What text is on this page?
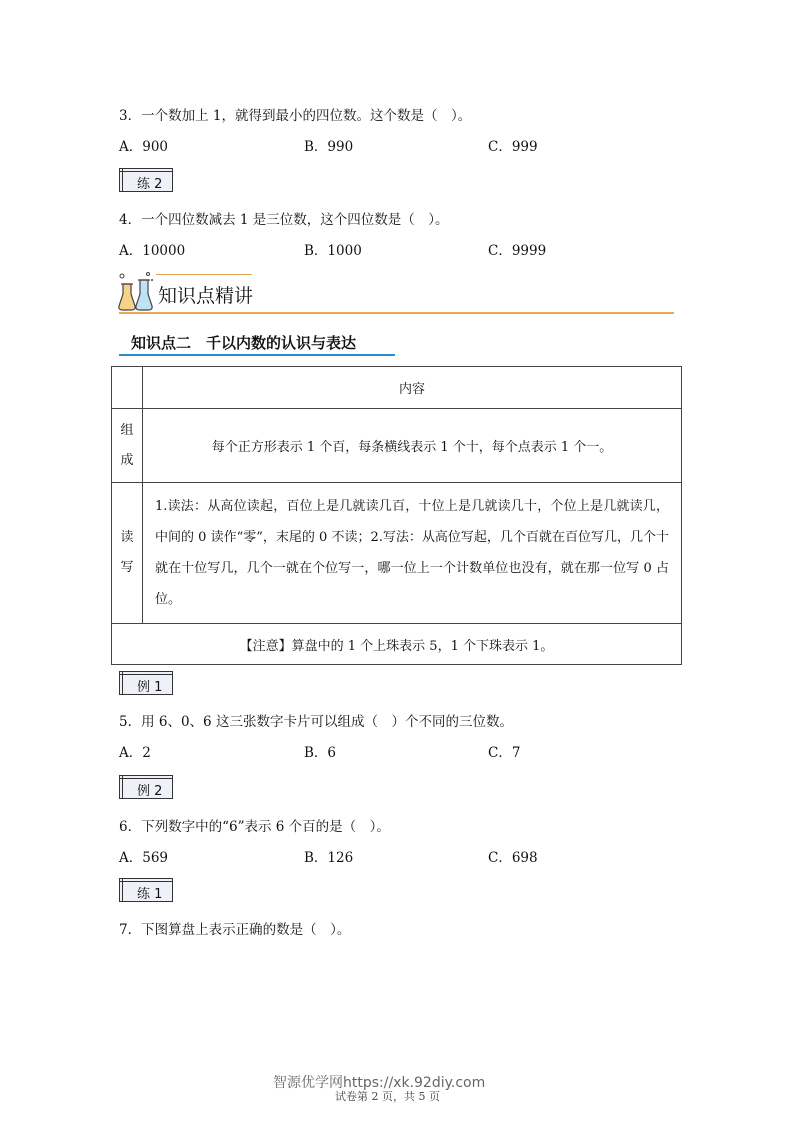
3．一个数加上 1，就得到最小的四位数。这个数是（　）。
A．900	B．990	C．999
练 2
4．一个四位数减去 1 是三位数，这个四位数是（　）。
A．10000	B．1000	C．9999
知识点精讲
知识点二　千以内数的认识与表达
	内容

组
成	每个正方形表示 1 个百，每条横线表示 1 个十，每个点表示 1 个一。

读
写	1.读法：从高位读起，百位上是几就读几百，十位上是几就读几十，个位上是几就读几，中间的 0 读作“零”，末尾的 0 不读；2.写法：从高位写起，几个百就在百位写几，几个十就在十位写几，几个一就在个位写一，哪一位上一个计数单位也没有，就在那一位写 0 占位。
【注意】算盘中的 1 个上珠表示 5，1 个下珠表示 1。	
例 1
5．用 6、0、6 这三张数字卡片可以组成（　）个不同的三位数。
A．2	B．6	C．7
例 2
6．下列数字中的“6”表示 6 个百的是（　）。
A．569	B．126	C．698
练 1
7．下图算盘上表示正确的数是（　）。
智源优学网https://xk.92diy.com
试卷第 2 页，共 5 页
